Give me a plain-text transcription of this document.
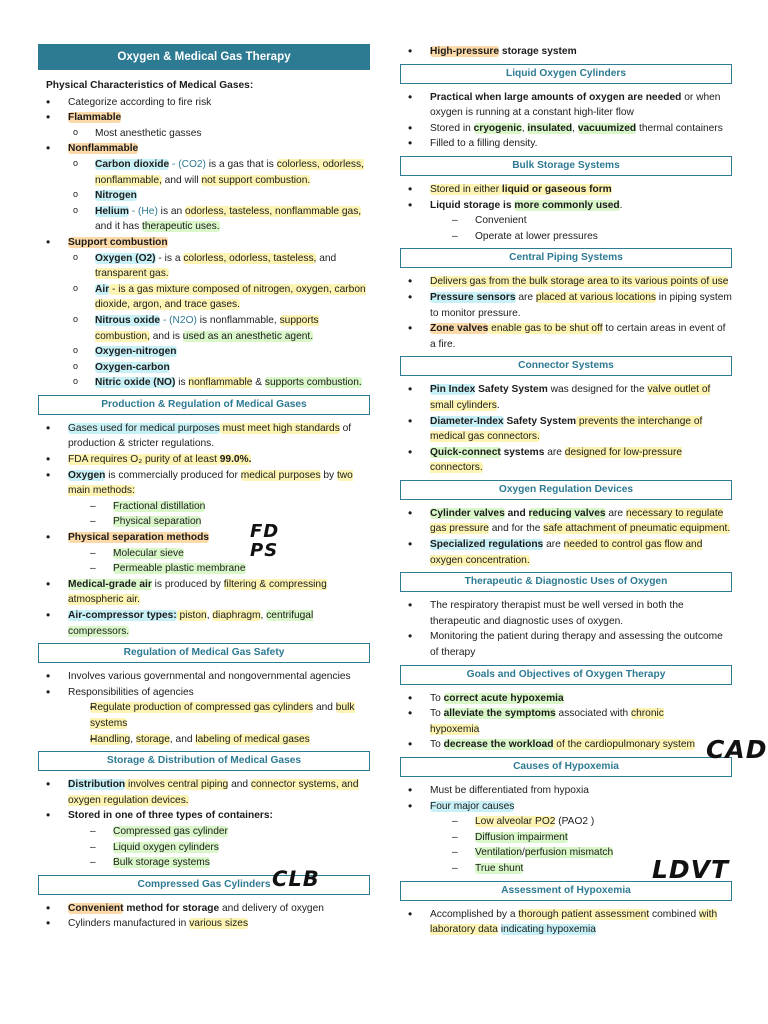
Oxygen & Medical Gas Therapy
Physical Characteristics of Medical Gases:
• Categorize according to fire risk
• Flammable
o Most anesthetic gasses
• Nonflammable
o Carbon dioxide - (CO2) is a gas that is colorless, odorless, nonflammable, and will not support combustion.
o Nitrogen
o Helium - (He) is an odorless, tasteless, nonflammable gas, and it has therapeutic uses.
• Support combustion
o Oxygen (O2) - is a colorless, odorless, tasteless, and transparent gas.
o Air - is a gas mixture composed of nitrogen, oxygen, carbon dioxide, argon, and trace gases.
o Nitrous oxide - (N2O) is nonflammable, supports combustion, and is used as an anesthetic agent.
o Oxygen-nitrogen
o Oxygen-carbon
o Nitric oxide (NO) is nonflammable & supports combustion.
Production & Regulation of Medical Gases
• Gases used for medical purposes must meet high standards of production & stricter regulations.
• FDA requires O₂ purity of at least 99.0%.
• Oxygen is commercially produced for medical purposes by two main methods:
– Fractional distillation
– Physical separation
• Physical separation methods
– Molecular sieve
– Permeable plastic membrane
• Medical-grade air is produced by filtering & compressing atmospheric air.
• Air-compressor types: piston, diaphragm, centrifugal compressors.
Regulation of Medical Gas Safety
• Involves various governmental and nongovernmental agencies
• Responsibilities of agencies
– Regulate production of compressed gas cylinders and bulk systems
– Handling, storage, and labeling of medical gases
Storage & Distribution of Medical Gases
• Distribution involves central piping and connector systems, and oxygen regulation devices.
• Stored in one of three types of containers:
– Compressed gas cylinder
– Liquid oxygen cylinders
– Bulk storage systems
Compressed Gas Cylinders
• Convenient method for storage and delivery of oxygen
• Cylinders manufactured in various sizes
FD
PS
CLB
• High-pressure storage system
Liquid Oxygen Cylinders
• Practical when large amounts of oxygen are needed or when oxygen is running at a constant high-liter flow
• Stored in cryogenic, insulated, vacuumized thermal containers
• Filled to a filling density.
Bulk Storage Systems
• Stored in either liquid or gaseous form
• Liquid storage is more commonly used.
– Convenient
– Operate at lower pressures
Central Piping Systems
• Delivers gas from the bulk storage area to its various points of use
• Pressure sensors are placed at various locations in piping system to monitor pressure.
• Zone valves enable gas to be shut off to certain areas in event of a fire.
Connector Systems
• Pin Index Safety System was designed for the valve outlet of small cylinders.
• Diameter-Index Safety System prevents the interchange of medical gas connectors.
• Quick-connect systems are designed for low-pressure connectors.
Oxygen Regulation Devices
• Cylinder valves and reducing valves are necessary to regulate gas pressure and for the safe attachment of pneumatic equipment.
• Specialized regulations are needed to control gas flow and oxygen concentration.
Therapeutic & Diagnostic Uses of Oxygen
• The respiratory therapist must be well versed in both the therapeutic and diagnostic uses of oxygen.
• Monitoring the patient during therapy and assessing the outcome of therapy
Goals and Objectives of Oxygen Therapy
• To correct acute hypoxemia
• To alleviate the symptoms associated with chronic hypoxemia
• To decrease the workload of the cardiopulmonary system
Causes of Hypoxemia
• Must be differentiated from hypoxia
• Four major causes
– Low alveolar PO2 (PAO2 )
– Diffusion impairment
– Ventilation/perfusion mismatch
– True shunt
Assessment of Hypoxemia
• Accomplished by a thorough patient assessment combined with laboratory data indicating hypoxemia
CAD
LDVT
